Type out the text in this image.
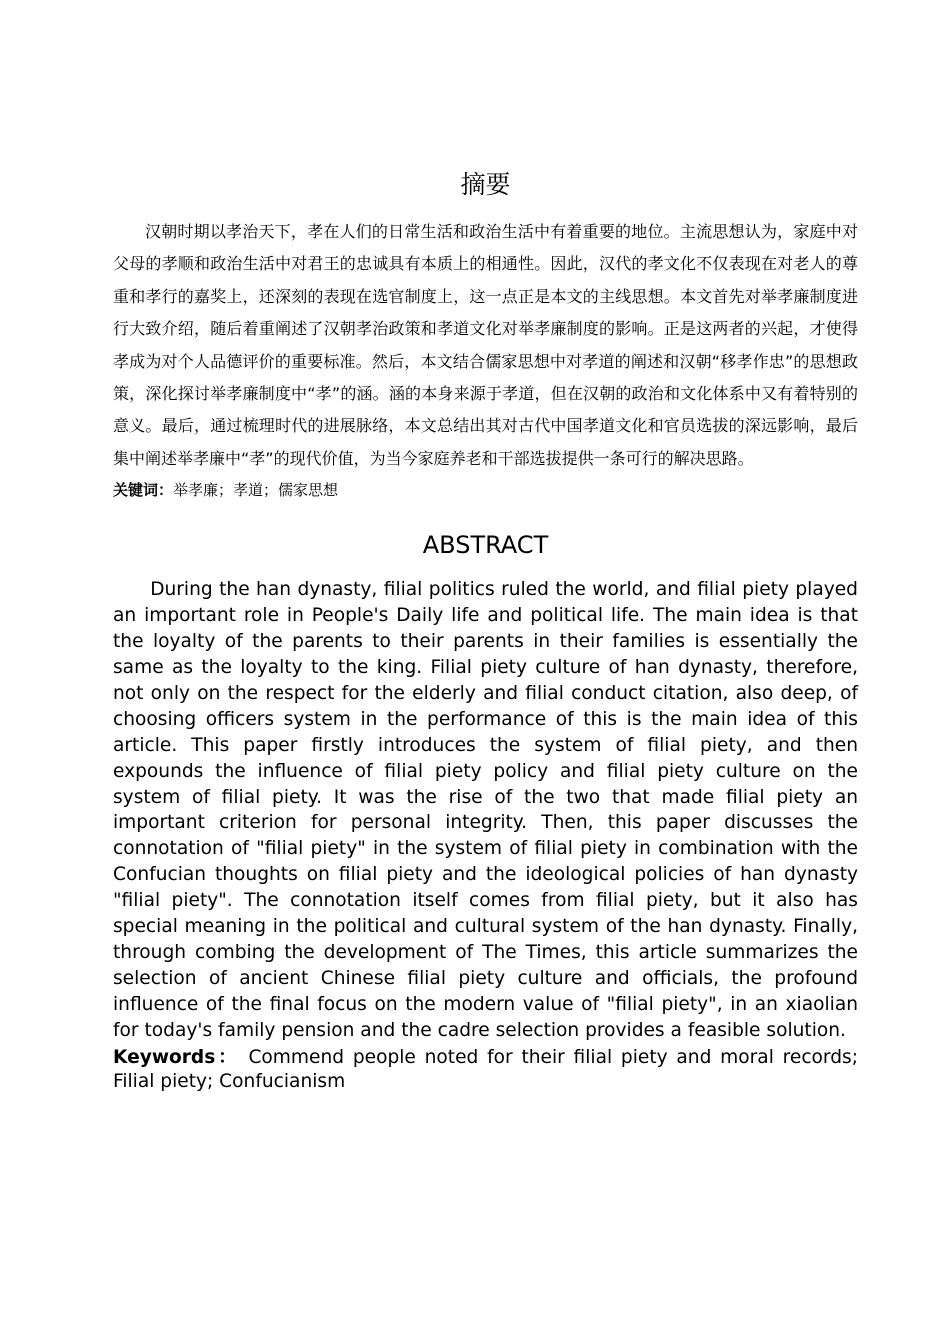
摘要

汉朝时期以孝治天下，孝在人们的日常生活和政治生活中有着重要的地位。主流思想认为，家庭中对父母的孝顺和政治生活中对君王的忠诚具有本质上的相通性。因此，汉代的孝文化不仅表现在对老人的尊重和孝行的嘉奖上，还深刻的表现在选官制度上，这一点正是本文的主线思想。本文首先对举孝廉制度进行大致介绍，随后着重阐述了汉朝孝治政策和孝道文化对举孝廉制度的影响。正是这两者的兴起，才使得孝成为对个人品德评价的重要标准。然后，本文结合儒家思想中对孝道的阐述和汉朝“移孝作忠”的思想政策，深化探讨举孝廉制度中“孝”的涵。涵的本身来源于孝道，但在汉朝的政治和文化体系中又有着特别的意义。最后，通过梳理时代的进展脉络，本文总结出其对古代中国孝道文化和官员选拔的深远影响，最后集中阐述举孝廉中“孝”的现代价值，为当今家庭养老和干部选拔提供一条可行的解决思路。

关键词：举孝廉；孝道；儒家思想

ABSTRACT

During the han dynasty, filial politics ruled the world, and filial piety played an important role in People's Daily life and political life. The main idea is that the loyalty of the parents to their parents in their families is essentially the same as the loyalty to the king. Filial piety culture of han dynasty, therefore, not only on the respect for the elderly and filial conduct citation, also deep, of choosing officers system in the performance of this is the main idea of this article. This paper firstly introduces the system of filial piety, and then expounds the influence of filial piety policy and filial piety culture on the system of filial piety. It was the rise of the two that made filial piety an important criterion for personal integrity. Then, this paper discusses the connotation of "filial piety" in the system of filial piety in combination with the Confucian thoughts on filial piety and the ideological policies of han dynasty "filial piety". The connotation itself comes from filial piety, but it also has special meaning in the political and cultural system of the han dynasty. Finally, through combing the development of The Times, this article summarizes the selection of ancient Chinese filial piety culture and officials, the profound influence of the final focus on the modern value of "filial piety", in an xiaolian for today's family pension and the cadre selection provides a feasible solution.

Keywords： Commend people noted for their filial piety and moral records; Filial piety; Confucianism
